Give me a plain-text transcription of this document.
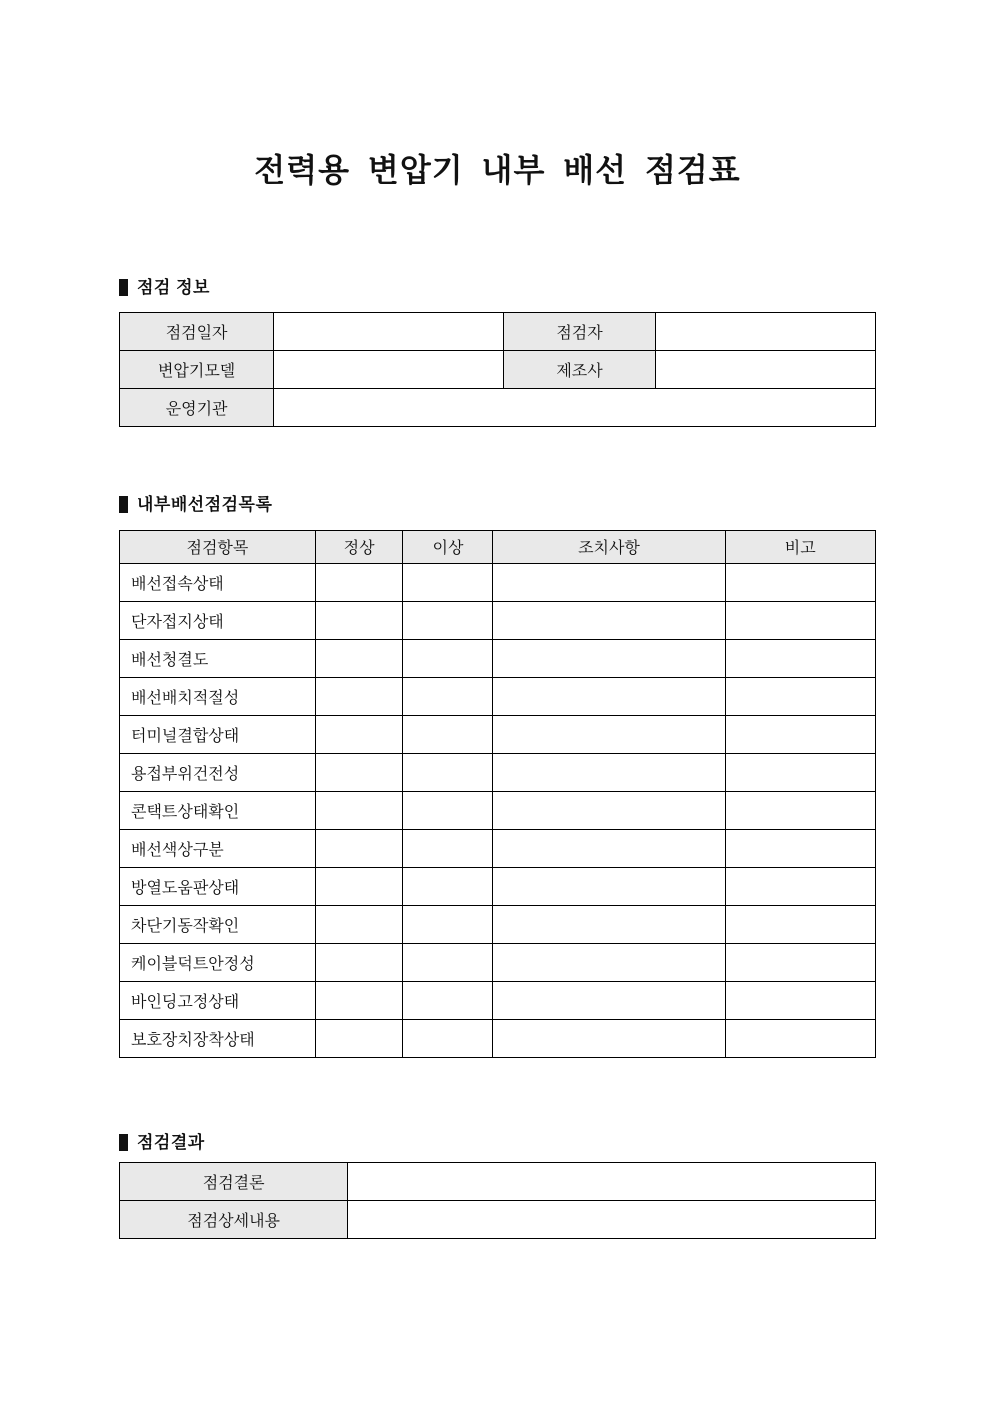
전력용 변압기 내부 배선 점검표
점검 정보
점검일자		점검자	
변압기모델		제조사	
운영기관			
내부배선점검목록
점검항목	정상	이상	조치사항	비고
배선접속상태				
단자접지상태				
배선청결도				
배선배치적절성				
터미널결합상태				
용접부위건전성				
콘택트상태확인				
배선색상구분				
방열도움판상태				
차단기동작확인				
케이블덕트안정성				
바인딩고정상태				
보호장치장착상태				
점검결과
점검결론	
점검상세내용	
